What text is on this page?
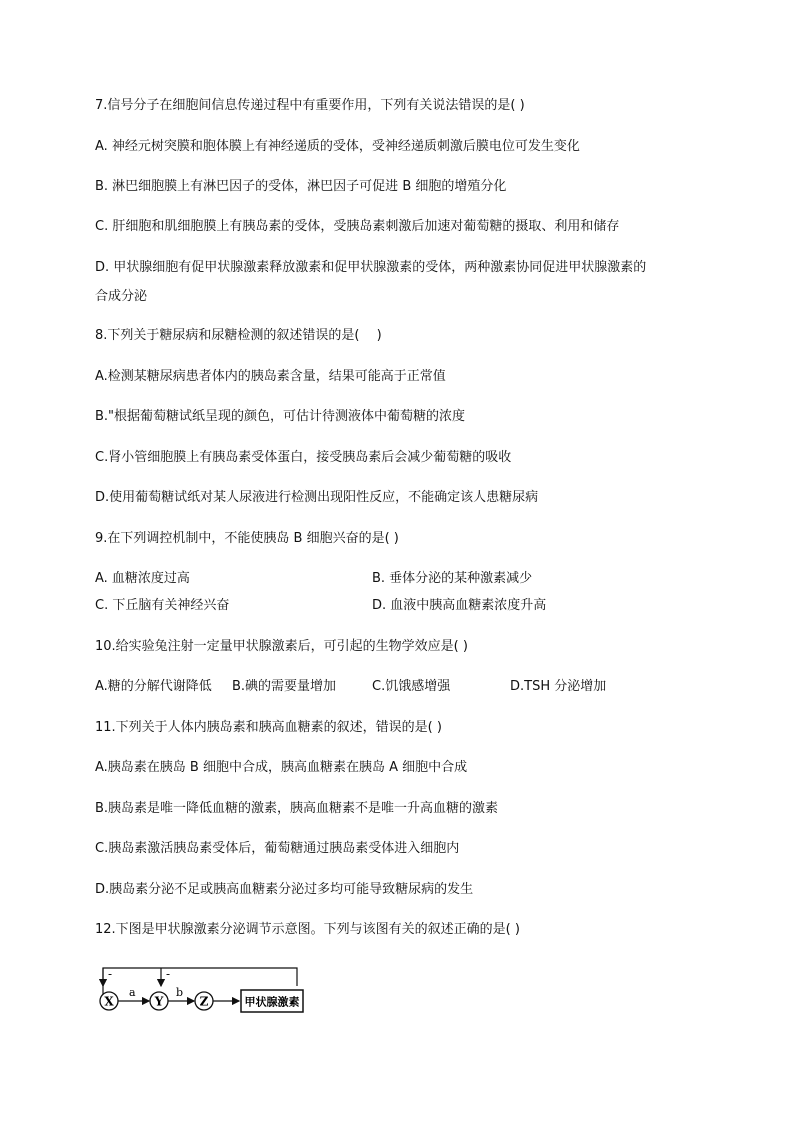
7.信号分子在细胞间信息传递过程中有重要作用，下列有关说法错误的是( )
A. 神经元树突膜和胞体膜上有神经递质的受体，受神经递质刺激后膜电位可发生变化
B. 淋巴细胞膜上有淋巴因子的受体，淋巴因子可促进 B 细胞的增殖分化
C. 肝细胞和肌细胞膜上有胰岛素的受体，受胰岛素刺激后加速对葡萄糖的摄取、利用和储存
D. 甲状腺细胞有促甲状腺激素释放激素和促甲状腺激素的受体，两种激素协同促进甲状腺激素的
合成分泌
8.下列关于糖尿病和尿糖检测的叙述错误的是(　 )
A.检测某糖尿病患者体内的胰岛素含量，结果可能高于正常值
B."根据葡萄糖试纸呈现的颜色，可估计待测液体中葡萄糖的浓度
C.肾小管细胞膜上有胰岛素受体蛋白，接受胰岛素后会减少葡萄糖的吸收
D.使用葡萄糖试纸对某人尿液进行检测出现阳性反应，不能确定该人患糖尿病
9.在下列调控机制中，不能使胰岛 B 细胞兴奋的是( )
A. 血糖浓度过高	B. 垂体分泌的某种激素减少
C. 下丘脑有关神经兴奋	D. 血液中胰高血糖素浓度升高
10.给实验兔注射一定量甲状腺激素后，可引起的生物学效应是( )
A.糖的分解代谢降低 B.碘的需要量增加	C.饥饿感增强	D.TSH 分泌增加
11.下列关于人体内胰岛素和胰高血糖素的叙述，错误的是( )
A.胰岛素在胰岛 B 细胞中合成，胰高血糖素在胰岛 A 细胞中合成
B.胰岛素是唯一降低血糖的激素，胰高血糖素不是唯一升高血糖的激素
C.胰岛素激活胰岛素受体后，葡萄糖通过胰岛素受体进入细胞内
D.胰岛素分泌不足或胰高血糖素分泌过多均可能导致糖尿病的发生
12.下图是甲状腺激素分泌调节示意图。下列与该图有关的叙述正确的是( )
-	-
X	Y	Z
a	b
甲状腺激素
